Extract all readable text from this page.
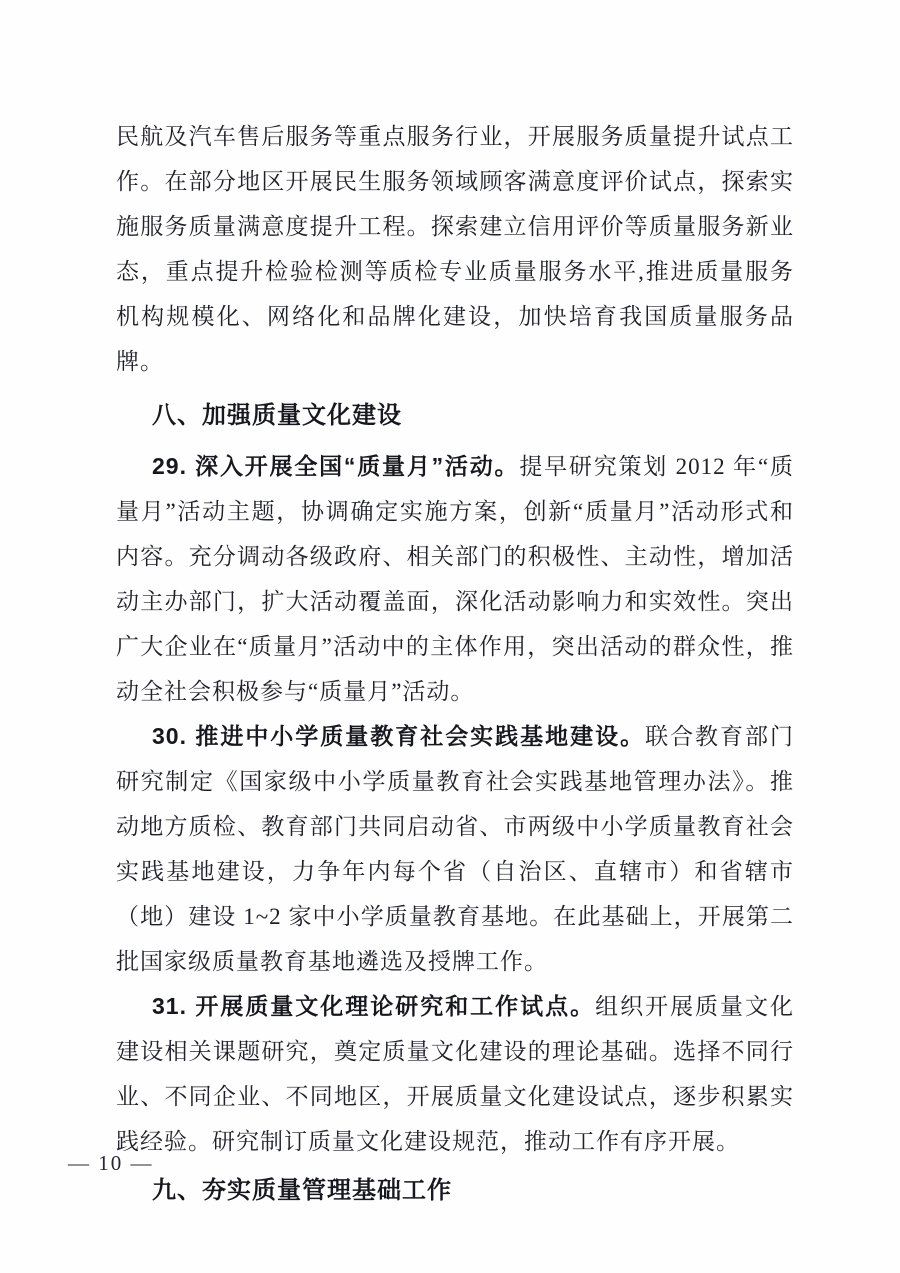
民航及汽车售后服务等重点服务行业，开展服务质量提升试点工作。在部分地区开展民生服务领域顾客满意度评价试点，探索实施服务质量满意度提升工程。探索建立信用评价等质量服务新业态，重点提升检验检测等质检专业质量服务水平,推进质量服务机构规模化、网络化和品牌化建设，加快培育我国质量服务品牌。

八、加强质量文化建设

29. 深入开展全国“质量月”活动。提早研究策划 2012 年“质量月”活动主题，协调确定实施方案，创新“质量月”活动形式和内容。充分调动各级政府、相关部门的积极性、主动性，增加活动主办部门，扩大活动覆盖面，深化活动影响力和实效性。突出广大企业在“质量月”活动中的主体作用，突出活动的群众性，推动全社会积极参与“质量月”活动。

30. 推进中小学质量教育社会实践基地建设。联合教育部门研究制定《国家级中小学质量教育社会实践基地管理办法》。推动地方质检、教育部门共同启动省、市两级中小学质量教育社会实践基地建设，力争年内每个省（自治区、直辖市）和省辖市（地）建设 1~2 家中小学质量教育基地。在此基础上，开展第二批国家级质量教育基地遴选及授牌工作。

31. 开展质量文化理论研究和工作试点。组织开展质量文化建设相关课题研究，奠定质量文化建设的理论基础。选择不同行业、不同企业、不同地区，开展质量文化建设试点，逐步积累实践经验。研究制订质量文化建设规范，推动工作有序开展。

九、夯实质量管理基础工作
— 10 —
